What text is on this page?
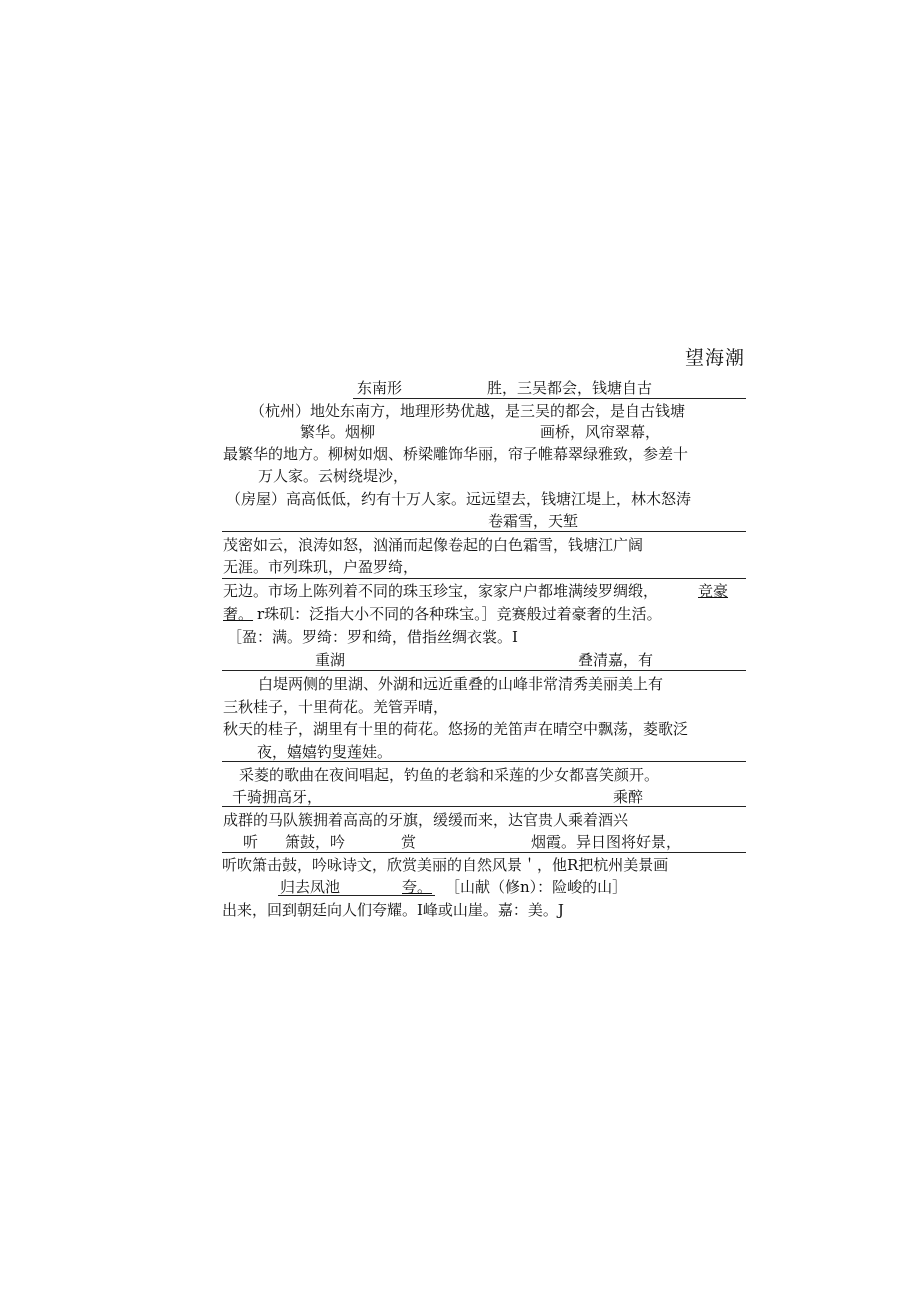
望海潮
东南形	胜，三吴都会，钱塘自古
（杭州）地处东南方，地理形势优越，是三吴的都会，是自古钱塘
繁华。烟柳	画桥，风帘翠幕，
最繁华的地方。柳树如烟、桥梁雕饰华丽，帘子帷幕翠绿雅致，参差十
万人家。云树绕堤沙，
（房屋）高高低低，约有十万人家。远远望去，钱塘江堤上，林木怒涛
卷霜雪，天堑
茂密如云，浪涛如怒，汹涌而起像卷起的白色霜雪，钱塘江广阔
无涯。市列珠玑，户盈罗绮，
无边。市场上陈列着不同的珠玉珍宝，家家户户都堆满绫罗绸缎，	竞豪
奢。 r珠矶：泛指大小不同的各种珠宝。］竞赛般过着豪奢的生活。
［盈：满。罗绮：罗和绮，借指丝绸衣裳。I
重湖	叠清嘉，有
白堤两侧的里湖、外湖和远近重叠的山峰非常清秀美丽美上有
三秋桂子，十里荷花。羌管弄晴，
秋天的桂子，湖里有十里的荷花。悠扬的羌笛声在晴空中飘荡，菱歌泛
夜，嬉嬉钓叟莲娃。
采菱的歌曲在夜间唱起，钓鱼的老翁和采莲的少女都喜笑颜开。
千骑拥高牙，	乘醉
成群的马队簇拥着高高的牙旗，缓缓而来，达官贵人乘着酒兴
听 箫鼓，吟	赏	烟霞。异日图将好景，
听吹箫击鼓，吟咏诗文，欣赏美丽的自然风景＇，他R把杭州美景画
归去凤池	夸。 ［山献（修n）：险峻的山］
出来，回到朝廷向人们夸耀。I峰或山崖。嘉：美。J
